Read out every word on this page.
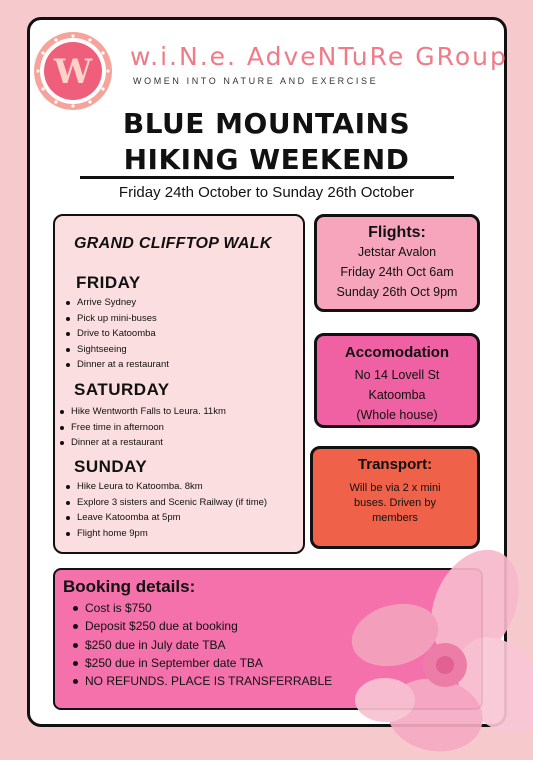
W w.i.N.e. AdveNTuRe GRoup
WOMEN INTO NATURE AND EXERCISE
BLUE MOUNTAINS
HIKING WEEKEND
Friday 24th October to Sunday 26th October
GRAND CLIFFTOP WALK
FRIDAY
Arrive Sydney
Pick up mini-buses
Drive to Katoomba
Sightseeing
Dinner at a restaurant
SATURDAY
Hike Wentworth Falls to Leura. 11km
Free time in afternoon
Dinner at a restaurant
SUNDAY
Hike Leura to Katoomba. 8km
Explore 3 sisters and Scenic Railway (if time)
Leave Katoomba at 5pm
Flight home 9pm
Flights:
Jetstar Avalon
Friday 24th Oct 6am
Sunday 26th Oct 9pm
Accomodation
No 14 Lovell St
Katoomba
(Whole house)
Transport:
Will be via 2 x mini buses. Driven by members
Booking details:
Cost is $750
Deposit $250 due at booking
$250 due in July date TBA
$250 due in September date TBA
NO REFUNDS. PLACE IS TRANSFERRABLE
